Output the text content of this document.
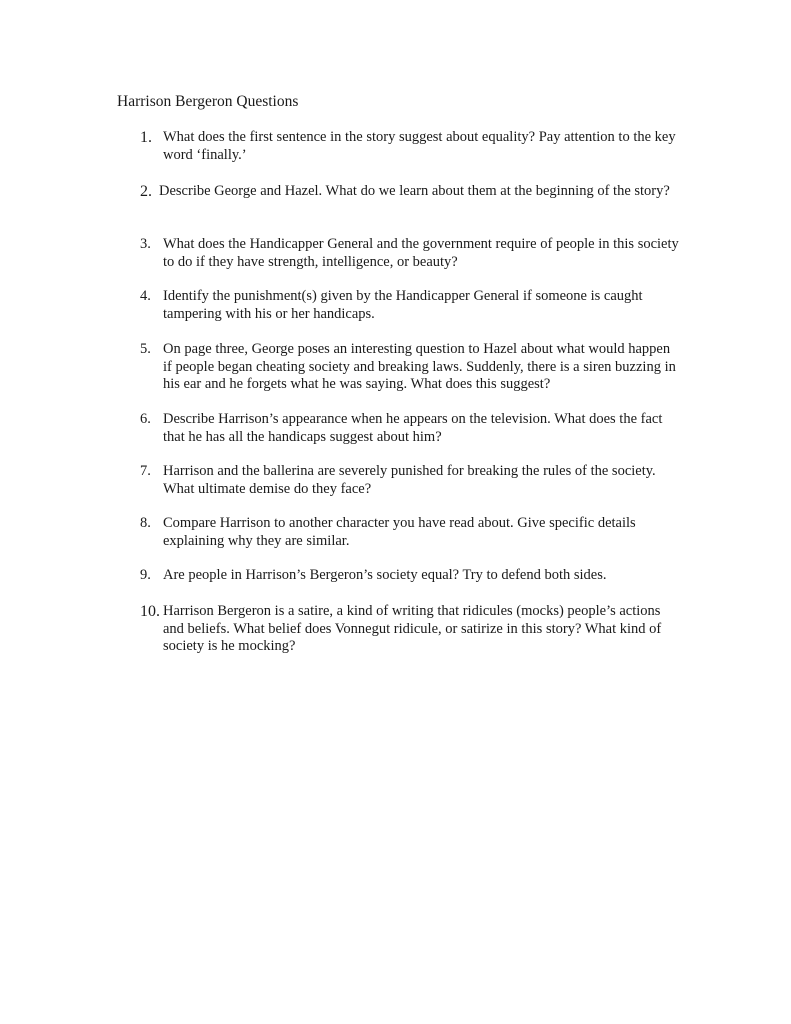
Harrison Bergeron Questions
1. What does the first sentence in the story suggest about equality? Pay attention to the key word ‘finally.’
2. Describe George and Hazel. What do we learn about them at the beginning of the story?
3. What does the Handicapper General and the government require of people in this society to do if they have strength, intelligence, or beauty?
4. Identify the punishment(s) given by the Handicapper General if someone is caught tampering with his or her handicaps.
5. On page three, George poses an interesting question to Hazel about what would happen if people began cheating society and breaking laws. Suddenly, there is a siren buzzing in his ear and he forgets what he was saying. What does this suggest?
6. Describe Harrison’s appearance when he appears on the television. What does the fact that he has all the handicaps suggest about him?
7. Harrison and the ballerina are severely punished for breaking the rules of the society. What ultimate demise do they face?
8. Compare Harrison to another character you have read about. Give specific details explaining why they are similar.
9. Are people in Harrison’s Bergeron’s society equal? Try to defend both sides.
10. Harrison Bergeron is a satire, a kind of writing that ridicules (mocks) people’s actions and beliefs. What belief does Vonnegut ridicule, or satirize in this story? What kind of society is he mocking?
